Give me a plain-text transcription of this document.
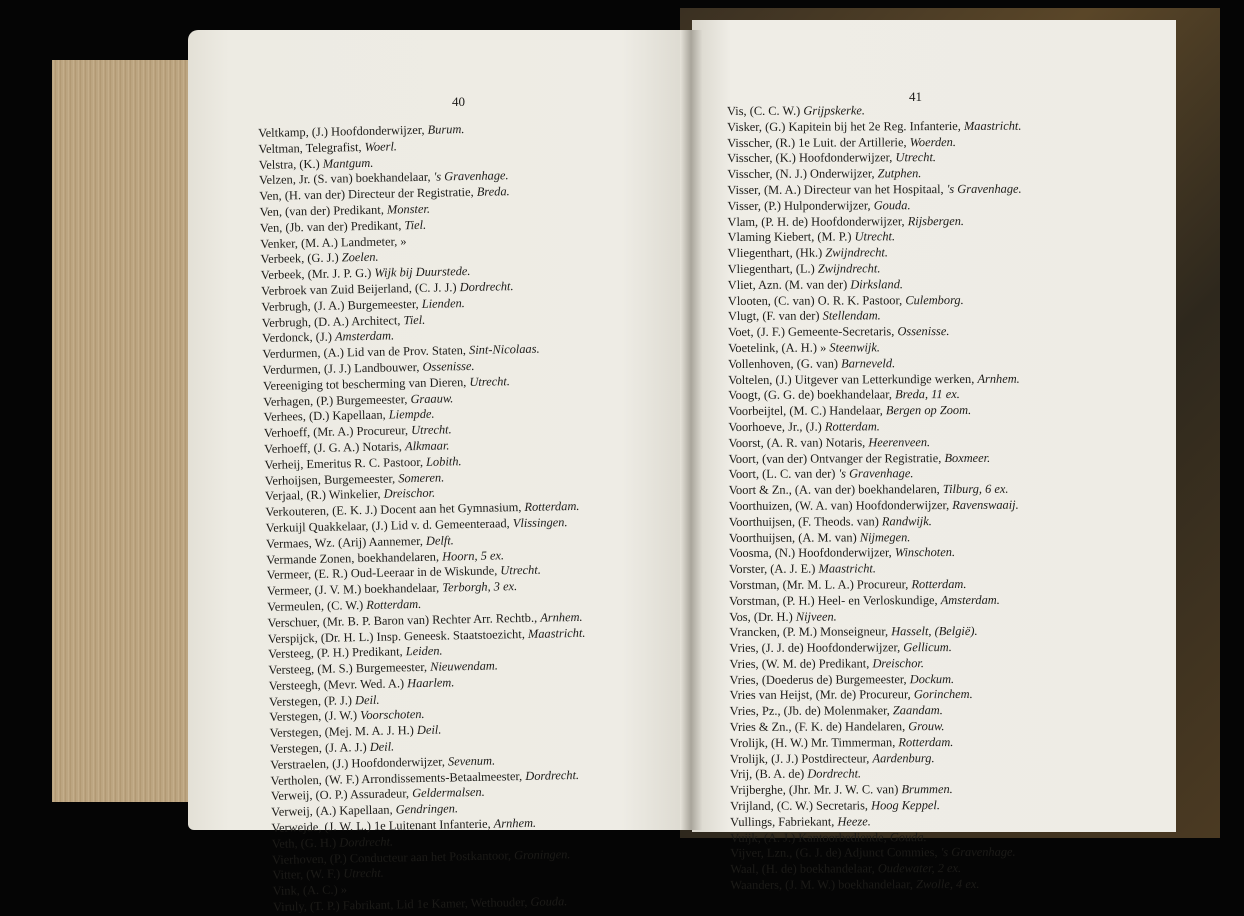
40
Veltkamp, (J.) Hoofdonderwijzer, Burum.
Veltman, Telegrafist, Woerl.
Velstra, (K.) Mantgum.
Velzen, Jr. (S. van) boekhandelaar, 's Gravenhage.
Ven, (H. van der) Directeur der Registratie, Breda.
Ven, (van der) Predikant, Monster.
Ven, (Jb. van der) Predikant, Tiel.
Venker, (M. A.) Landmeter, »
Verbeek, (G. J.) Zoelen.
Verbeek, (Mr. J. P. G.) Wijk bij Duurstede.
Verbroek van Zuid Beijerland, (C. J. J.) Dordrecht.
Verbrugh, (J. A.) Burgemeester, Lienden.
Verbrugh, (D. A.) Architect, Tiel.
Verdonck, (J.) Amsterdam.
Verdurmen, (A.) Lid van de Prov. Staten, Sint-Nicolaas.
Verdurmen, (J. J.) Landbouwer, Ossenisse.
Vereeniging tot bescherming van Dieren, Utrecht.
Verhagen, (P.) Burgemeester, Graauw.
Verhees, (D.) Kapellaan, Liempde.
Verhoeff, (Mr. A.) Procureur, Utrecht.
Verhoeff, (J. G. A.) Notaris, Alkmaar.
Verheij, Emeritus R. C. Pastoor, Lobith.
Verhoijsen, Burgemeester, Someren.
Verjaal, (R.) Winkelier, Dreischor.
Verkouteren, (E. K. J.) Docent aan het Gymnasium, Rotterdam.
Verkuijl Quakkelaar, (J.) Lid v. d. Gemeenteraad, Vlissingen.
Vermaes, Wz. (Arij) Aannemer, Delft.
Vermande Zonen, boekhandelaren, Hoorn, 5 ex.
Vermeer, (E. R.) Oud-Leeraar in de Wiskunde, Utrecht.
Vermeer, (J. V. M.) boekhandelaar, Terborgh, 3 ex.
Vermeulen, (C. W.) Rotterdam.
Verschuer, (Mr. B. P. Baron van) Rechter Arr. Rechtb., Arnhem.
Verspijck, (Dr. H. L.) Insp. Geneesk. Staatstoezicht, Maastricht.
Versteeg, (P. H.) Predikant, Leiden.
Versteeg, (M. S.) Burgemeester, Nieuwendam.
Versteegh, (Mevr. Wed. A.) Haarlem.
Verstegen, (P. J.) Deil.
Verstegen, (J. W.) Voorschoten.
Verstegen, (Mej. M. A. J. H.) Deil.
Verstegen, (J. A. J.) Deil.
Verstraelen, (J.) Hoofdonderwijzer, Sevenum.
Vertholen, (W. F.) Arrondissements-Betaalmeester, Dordrecht.
Verweij, (O. P.) Assuradeur, Geldermalsen.
Verweij, (A.) Kapellaan, Gendringen.
Verwejde, (J. W. L.) 1e Luitenant Infanterie, Arnhem.
Veth, (G. H.) Dordrecht.
Vierhoven, (P.) Conducteur aan het Postkantoor, Groningen.
Vitter, (W. F.) Utrecht.
Vink, (A. C.) »
Viruly, (T. P.) Fabrikant, Lid 1e Kamer, Wethouder, Gouda.
41
Vis, (C. C. W.) Grijpskerke.
Visker, (G.) Kapitein bij het 2e Reg. Infanterie, Maastricht.
Visscher, (R.) 1e Luit. der Artillerie, Woerden.
Visscher, (K.) Hoofdonderwijzer, Utrecht.
Visscher, (N. J.) Onderwijzer, Zutphen.
Visser, (M. A.) Directeur van het Hospitaal, 's Gravenhage.
Visser, (P.) Hulponderwijzer, Gouda.
Vlam, (P. H. de) Hoofdonderwijzer, Rijsbergen.
Vlaming Kiebert, (M. P.) Utrecht.
Vliegenthart, (Hk.) Zwijndrecht.
Vliegenthart, (L.) Zwijndrecht.
Vliet, Azn. (M. van der) Dirksland.
Vlooten, (C. van) O. R. K. Pastoor, Culemborg.
Vlugt, (F. van der) Stellendam.
Voet, (J. F.) Gemeente-Secretaris, Ossenisse.
Voetelink, (A. H.) » Steenwijk.
Vollenhoven, (G. van) Barneveld.
Voltelen, (J.) Uitgever van Letterkundige werken, Arnhem.
Voogt, (G. G. de) boekhandelaar, Breda, 11 ex.
Voorbeijtel, (M. C.) Handelaar, Bergen op Zoom.
Voorhoeve, Jr., (J.) Rotterdam.
Voorst, (A. R. van) Notaris, Heerenveen.
Voort, (van der) Ontvanger der Registratie, Boxmeer.
Voort, (L. C. van der) 's Gravenhage.
Voort & Zn., (A. van der) boekhandelaren, Tilburg, 6 ex.
Voorthuizen, (W. A. van) Hoofdonderwijzer, Ravenswaaij.
Voorthuijsen, (F. Theods. van) Randwijk.
Voorthuijsen, (A. M. van) Nijmegen.
Voosma, (N.) Hoofdonderwijzer, Winschoten.
Vorster, (A. J. E.) Maastricht.
Vorstman, (Mr. M. L. A.) Procureur, Rotterdam.
Vorstman, (P. H.) Heel- en Verloskundige, Amsterdam.
Vos, (Dr. H.) Nijveen.
Vrancken, (P. M.) Monseigneur, Hasselt, (België).
Vries, (J. J. de) Hoofdonderwijzer, Gellicum.
Vries, (W. M. de) Predikant, Dreischor.
Vries, (Doederus de) Burgemeester, Dockum.
Vries van Heijst, (Mr. de) Procureur, Gorinchem.
Vries, Pz., (Jb. de) Molenmaker, Zaandam.
Vries & Zn., (F. K. de) Handelaren, Grouw.
Vrolijk, (H. W.) Mr. Timmerman, Rotterdam.
Vrolijk, (J. J.) Postdirecteur, Aardenburg.
Vrij, (B. A. de) Dordrecht.
Vrijberghe, (Jhr. Mr. J. W. C. van) Brummen.
Vrijland, (C. W.) Secretaris, Hoog Keppel.
Vullings, Fabriekant, Heeze.
Vuijk, (A. J.) Kantoorbediende, Gouda.
Vijver, Lzn., (G. J. de) Adjunct Commies, 's Gravenhage.
Waal, (H. de) boekhandelaar, Oudewater, 2 ex.
Waanders, (J. M. W.) boekhandelaar, Zwolle, 4 ex.
